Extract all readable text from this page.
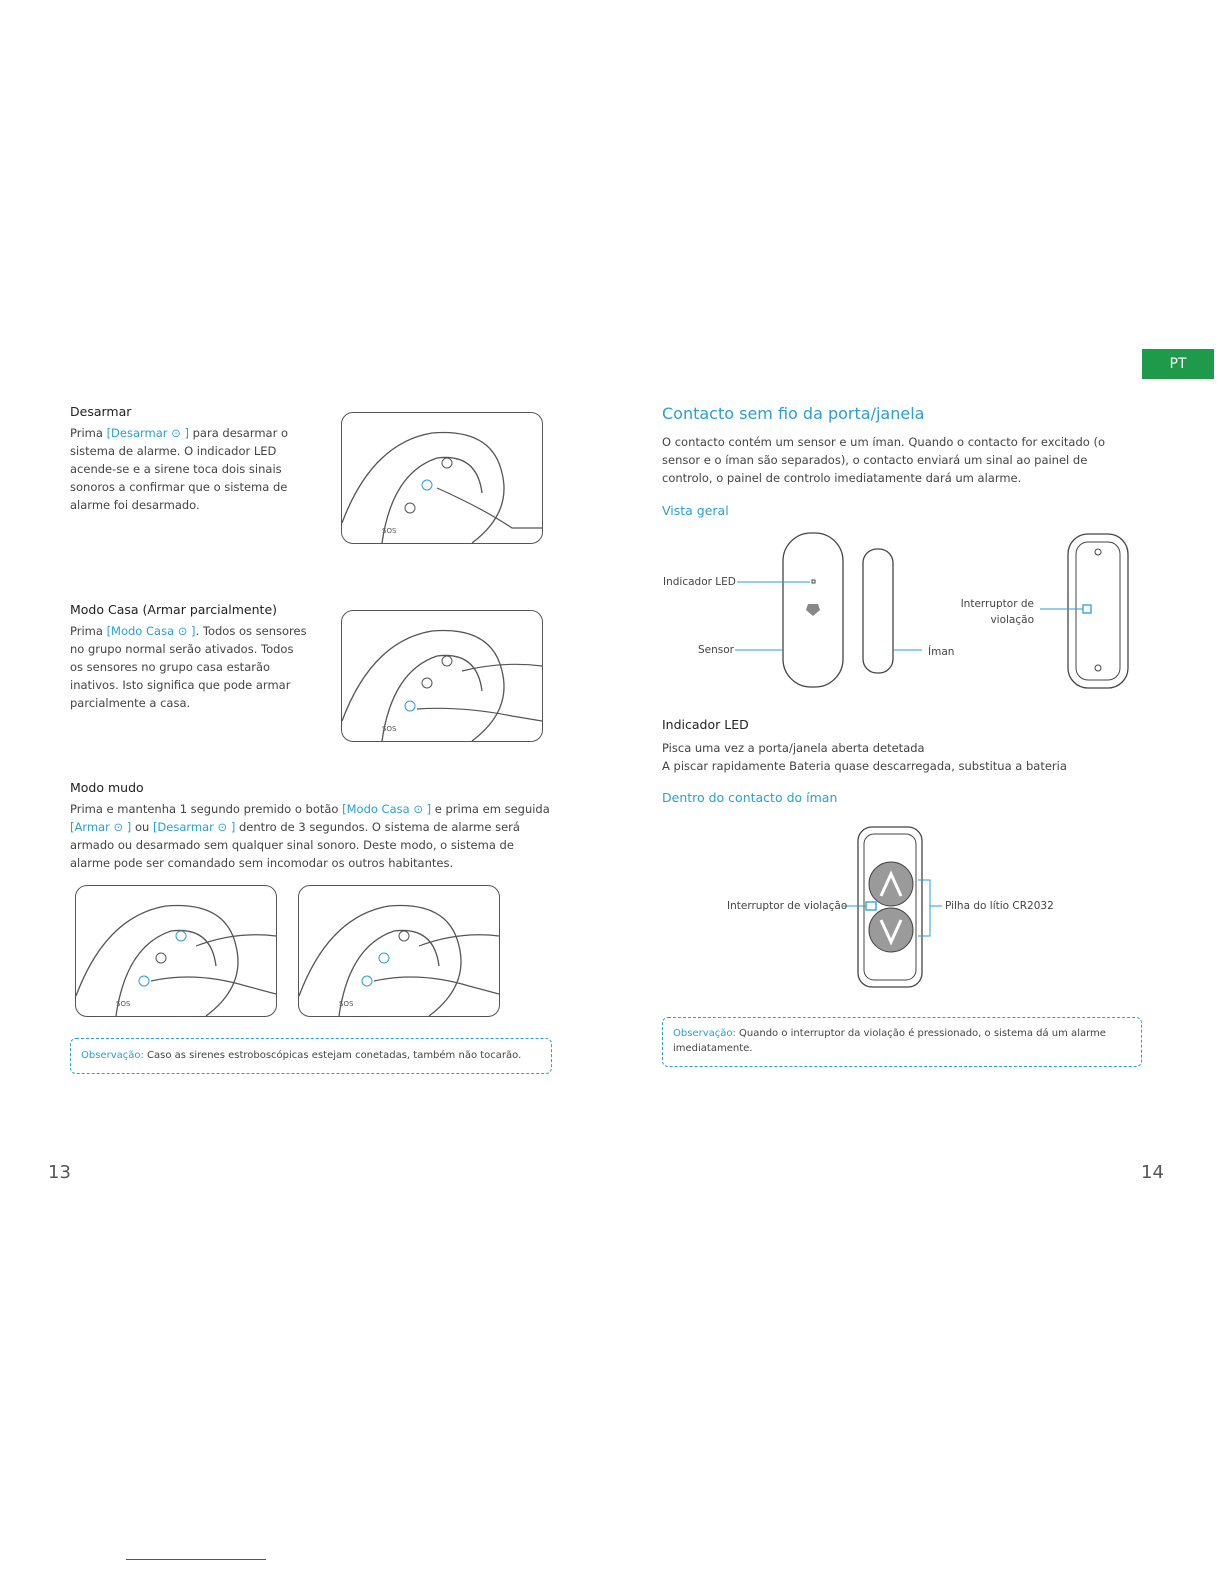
PT
Desarmar
Prima [Desarmar ⊙ ] para desarmar o sistema de alarme. O indicador LED acende-se e a sirene toca dois sinais sonoros a confirmar que o sistema de alarme foi desarmado.
SOS
Modo Casa (Armar parcialmente)
Prima [Modo Casa ⊙ ]. Todos os sensores no grupo normal serão ativados. Todos os sensores no grupo casa estarão inativos. Isto significa que pode armar parcialmente a casa.
SOS
Modo mudo
Prima e mantenha 1 segundo premido o botão [Modo Casa ⊙ ] e prima em seguida [Armar ⊙ ] ou [Desarmar ⊙ ] dentro de 3 segundos. O sistema de alarme será armado ou desarmado sem qualquer sinal sonoro. Deste modo, o sistema de alarme pode ser comandado sem incomodar os outros habitantes.
SOS	SOS
Observação: Caso as sirenes estroboscópicas estejam conetadas, também não tocarão.
13
Contacto sem fio da porta/janela
O contacto contém um sensor e um íman. Quando o contacto for excitado (o sensor e o íman são separados), o contacto enviará um sinal ao painel de controlo, o painel de controlo imediatamente dará um alarme.
Vista geral
Indicador LED
Sensor	Íman
Interruptor de violação
Indicador LED
Pisca uma vez a porta/janela aberta detetada
A piscar rapidamente Bateria quase descarregada, substitua a bateria
Dentro do contacto do íman
Interruptor de violação	Pilha do lítio CR2032
Observação: Quando o interruptor da violação é pressionado, o sistema dá um alarme imediatamente.
14
